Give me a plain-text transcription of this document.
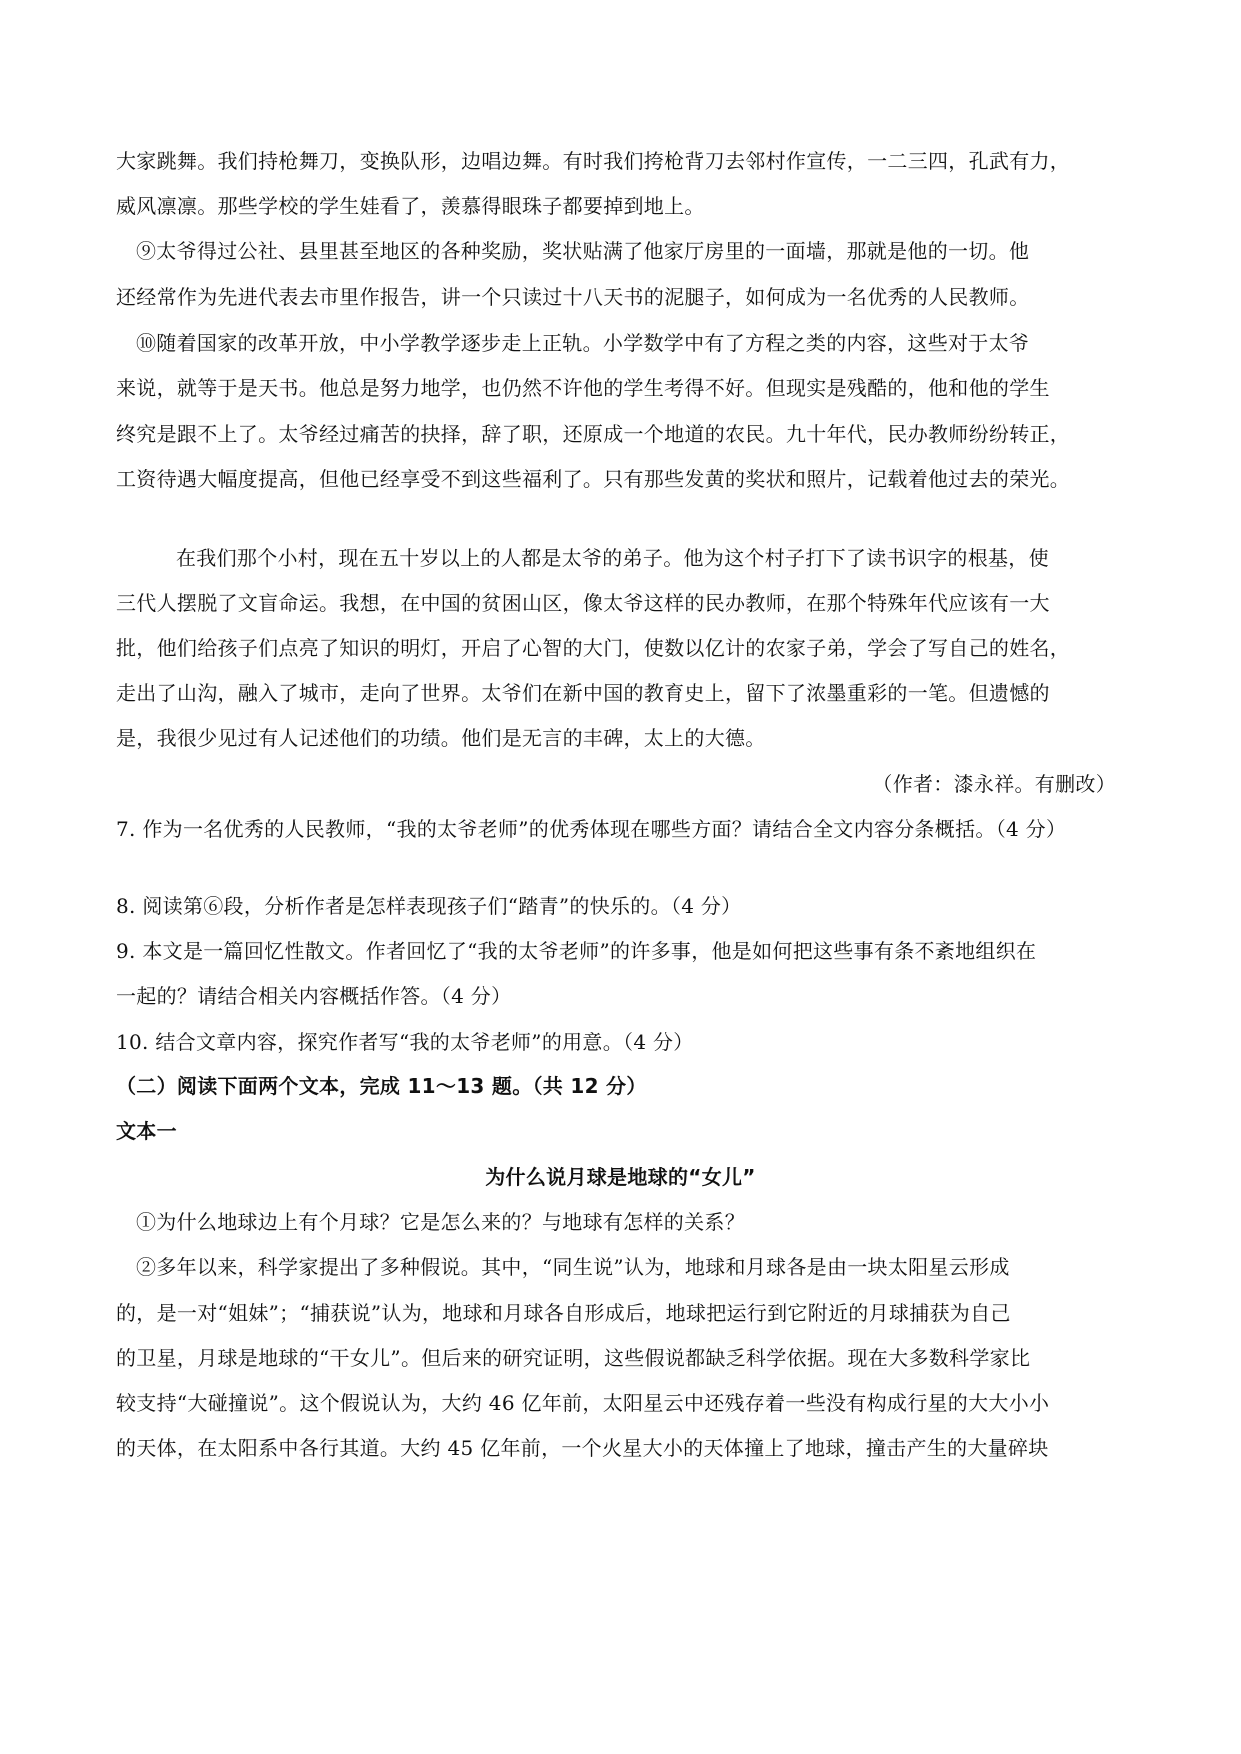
大家跳舞。我们持枪舞刀，变换队形，边唱边舞。有时我们挎枪背刀去邻村作宣传，一二三四，孔武有力，
威风凛凛。那些学校的学生娃看了，羡慕得眼珠子都要掉到地上。
⑨太爷得过公社、县里甚至地区的各种奖励，奖状贴满了他家厅房里的一面墙，那就是他的一切。他
还经常作为先进代表去市里作报告，讲一个只读过十八天书的泥腿子，如何成为一名优秀的人民教师。
⑩随着国家的改革开放，中小学教学逐步走上正轨。小学数学中有了方程之类的内容，这些对于太爷
来说，就等于是天书。他总是努力地学，也仍然不许他的学生考得不好。但现实是残酷的，他和他的学生
终究是跟不上了。太爷经过痛苦的抉择，辞了职，还原成一个地道的农民。九十年代，民办教师纷纷转正，
工资待遇大幅度提高，但他已经享受不到这些福利了。只有那些发黄的奖状和照片，记载着他过去的荣光。
在我们那个小村，现在五十岁以上的人都是太爷的弟子。他为这个村子打下了读书识字的根基，使
三代人摆脱了文盲命运。我想，在中国的贫困山区，像太爷这样的民办教师，在那个特殊年代应该有一大
批，他们给孩子们点亮了知识的明灯，开启了心智的大门，使数以亿计的农家子弟，学会了写自己的姓名，
走出了山沟，融入了城市，走向了世界。太爷们在新中国的教育史上，留下了浓墨重彩的一笔。但遗憾的
是，我很少见过有人记述他们的功绩。他们是无言的丰碑，太上的大德。
（作者：漆永祥。有删改）
7. 作为一名优秀的人民教师，“我的太爷老师”的优秀体现在哪些方面？请结合全文内容分条概括。（4 分）
8. 阅读第⑥段，分析作者是怎样表现孩子们“踏青”的快乐的。（4 分）
9. 本文是一篇回忆性散文。作者回忆了“我的太爷老师”的许多事，他是如何把这些事有条不紊地组织在
一起的？请结合相关内容概括作答。（4 分）
10. 结合文章内容，探究作者写“我的太爷老师”的用意。（4 分）
（二）阅读下面两个文本，完成 11～13 题。（共 12 分）
文本一
为什么说月球是地球的“女儿”
①为什么地球边上有个月球？它是怎么来的？与地球有怎样的关系？
②多年以来，科学家提出了多种假说。其中，“同生说”认为，地球和月球各是由一块太阳星云形成
的，是一对“姐妹”；“捕获说”认为，地球和月球各自形成后，地球把运行到它附近的月球捕获为自己
的卫星，月球是地球的“干女儿”。但后来的研究证明，这些假说都缺乏科学依据。现在大多数科学家比
较支持“大碰撞说”。这个假说认为，大约 46 亿年前，太阳星云中还残存着一些没有构成行星的大大小小
的天体，在太阳系中各行其道。大约 45 亿年前，一个火星大小的天体撞上了地球，撞击产生的大量碎块
